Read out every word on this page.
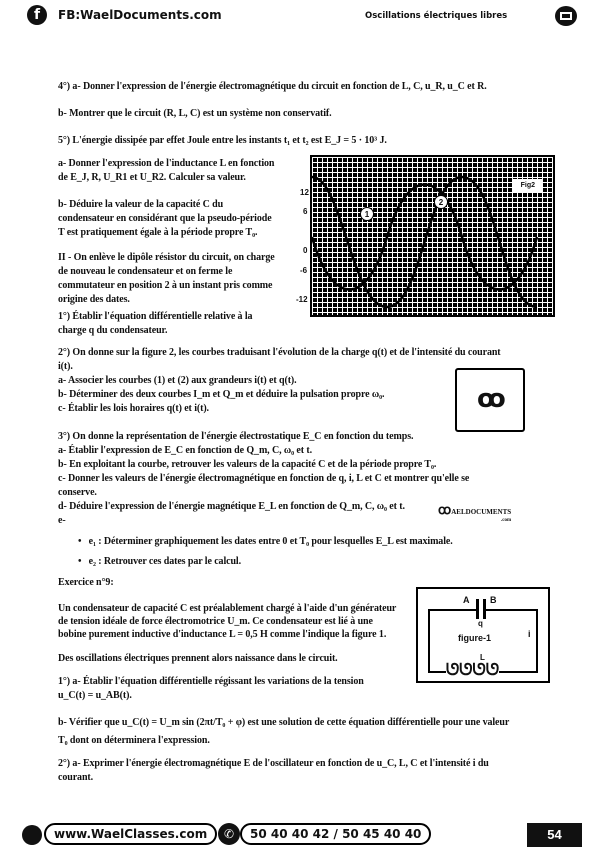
f	FB:WaelDocuments.com	Oscillations électriques libres
4°) a- Donner l'expression de l'énergie électromagnétique du circuit en fonction de L, C, u_R, u_C et R.
b- Montrer que le circuit (R, L, C) est un système non conservatif.
5°) L'énergie dissipée par effet Joule entre les instants t₁ et t₂ est E_J = 5 · 10³ J.
a- Donner l'expression de l'inductance L en fonction
de E_J, R, U_R1 et U_R2. Calculer sa valeur.
b- Déduire la valeur de la capacité C du
condensateur en considérant que la pseudo-période
T est pratiquement égale à la période propre T₀.
II - On enlève le dipôle résistor du circuit, on charge
de nouveau le condensateur et on ferme le
commutateur en position 2 à un instant pris comme
origine des dates.
1°) Établir l'équation différentielle relative à la
charge q du condensateur.
Fig2
1
2
12
6
0
-6
-12
2°) On donne sur la figure 2, les courbes traduisant l'évolution de la charge q(t) et de l'intensité du courant
i(t).
a- Associer les courbes (1) et (2) aux grandeurs i(t) et q(t).
b- Déterminer des deux courbes I_m et Q_m et déduire la pulsation propre ω₀.
c- Établir les lois horaires q(t) et i(t).	ꝏ
3°) On donne la représentation de l'énergie électrostatique E_C en fonction du temps.
a- Établir l'expression de E_C en fonction de Q_m, C, ω₀ et t.
b- En exploitant la courbe, retrouver les valeurs de la capacité C et de la période propre T₀.
c- Donner les valeurs de l'énergie électromagnétique en fonction de q, i, L et C et montrer qu'elle se
conserve.
d- Déduire l'expression de l'énergie magnétique E_L en fonction de Q_m, C, ω₀ et t.	ꝏAELDOCUMENTS
.com
e-
•   e₁ : Déterminer graphiquement les dates entre 0 et T₀ pour lesquelles E_L est maximale.
•   e₂ : Retrouver ces dates par le calcul.
Exercice n°9:
Un condensateur de capacité C est préalablement chargé à l'aide d'un générateur
de tension idéale de force électromotrice U_m. Ce condensateur est lié à une
bobine purement inductive d'inductance L = 0,5 H comme l'indique la figure 1.
Des oscillations électriques prennent alors naissance dans le circuit.
1°) a- Établir l'équation différentielle régissant les variations de la tension
u_C(t) = u_AB(t).
b- Vérifier que u_C(t) = U_m sin (2πt/T₀ + φ) est une solution de cette équation différentielle pour une valeur
T₀ dont on déterminera l'expression.
2°) a- Exprimer l'énergie électromagnétique E de l'oscillateur en fonction de u_C, L, C et l'intensité i du
courant.
A B
q
figure-1	i
L
ᘎᘎᘎᘎ
www.WaelClasses.com	✆	50 40 40 42 / 50 45 40 40	54
